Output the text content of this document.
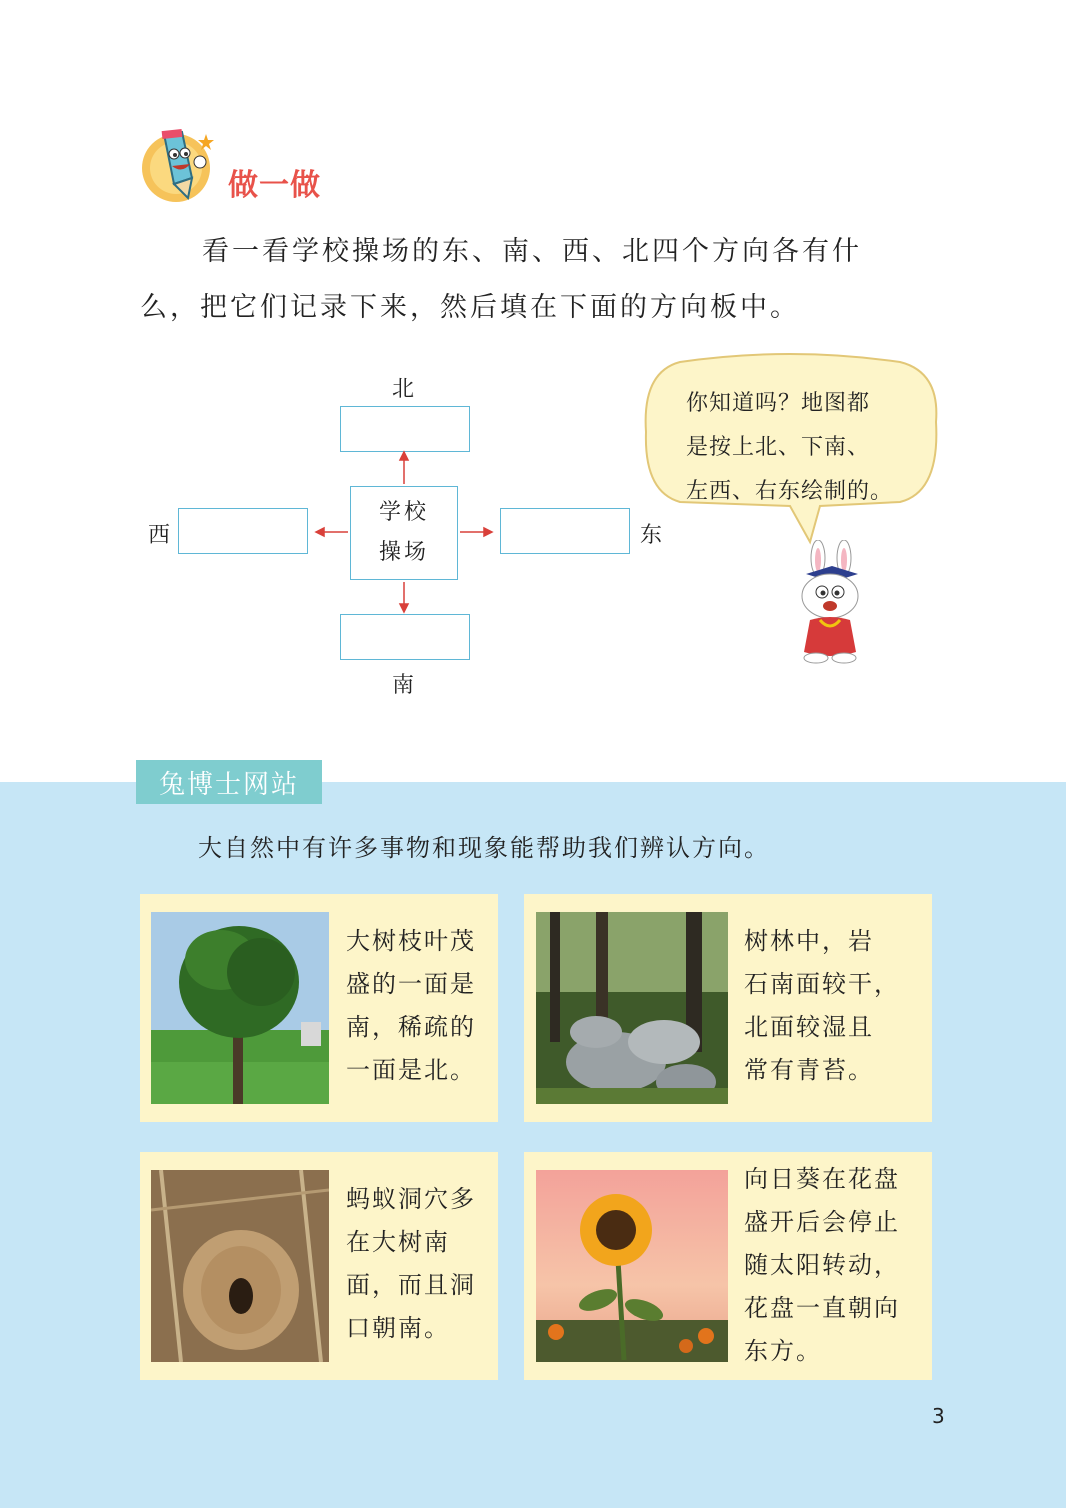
做一做
看一看学校操场的东、南、西、北四个方向各有什
么，把它们记录下来，然后填在下面的方向板中。
北
西
学校
操场
东
南
你知道吗？地图都
是按上北、下南、
左西、右东绘制的。
兔博士网站
大自然中有许多事物和现象能帮助我们辨认方向。
大树枝叶茂
盛的一面是
南，稀疏的
一面是北。
树林中，岩
石南面较干，
北面较湿且
常有青苔。
蚂蚁洞穴多
在大树南
面，而且洞
口朝南。
向日葵在花盘
盛开后会停止
随太阳转动，
花盘一直朝向
东方。
3
